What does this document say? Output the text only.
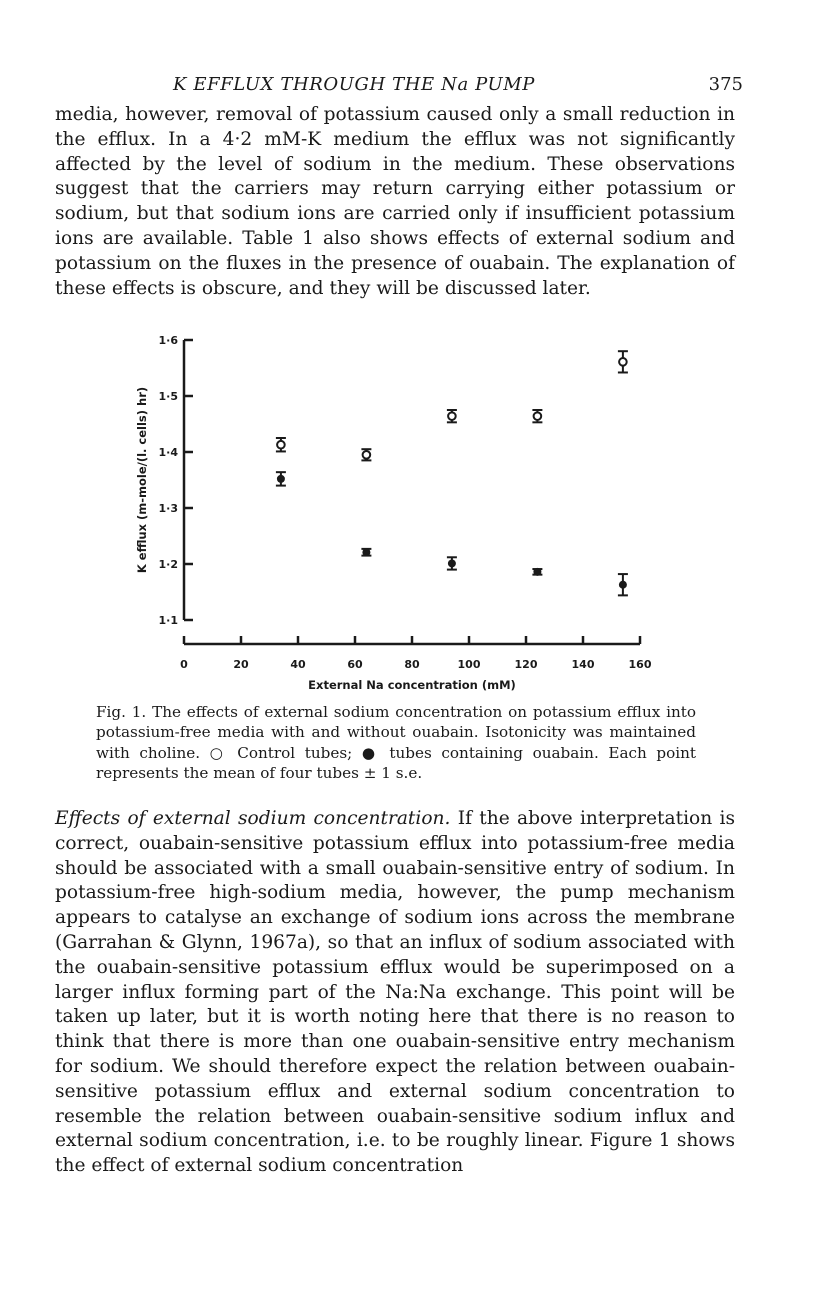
K EFFLUX THROUGH THE Na PUMP	375

media, however, removal of potassium caused only a small reduction in the efflux. In a 4·2 mM-K medium the efflux was not significantly affected by the level of sodium in the medium. These observations suggest that the carriers may return carrying either potassium or sodium, but that sodium ions are carried only if insufficient potassium ions are available. Table 1 also shows effects of external sodium and potassium on the fluxes in the presence of ouabain. The explanation of these effects is obscure, and they will be discussed later.

1·1
1·2
1·3
1·4
1·5
1·6
K efflux (m-mole/(l. cells) hr)
0	20	40	60	80	100	120	140	160
External Na concentration (mM)

Fig. 1. The effects of external sodium concentration on potassium efflux into potassium-free media with and without ouabain. Isotonicity was maintained with choline. ○ Control tubes; ● tubes containing ouabain. Each point represents the mean of four tubes ± 1 s.e.

Effects of external sodium concentration. If the above interpretation is correct, ouabain-sensitive potassium efflux into potassium-free media should be associated with a small ouabain-sensitive entry of sodium. In potassium-free high-sodium media, however, the pump mechanism appears to catalyse an exchange of sodium ions across the membrane (Garrahan & Glynn, 1967a), so that an influx of sodium associated with the ouabain-sensitive potassium efflux would be superimposed on a larger influx forming part of the Na:Na exchange. This point will be taken up later, but it is worth noting here that there is no reason to think that there is more than one ouabain-sensitive entry mechanism for sodium. We should therefore expect the relation between ouabain-sensitive potassium efflux and external sodium concentration to resemble the relation between ouabain-sensitive sodium influx and external sodium concentration, i.e. to be roughly linear. Figure 1 shows the effect of external sodium concentration
